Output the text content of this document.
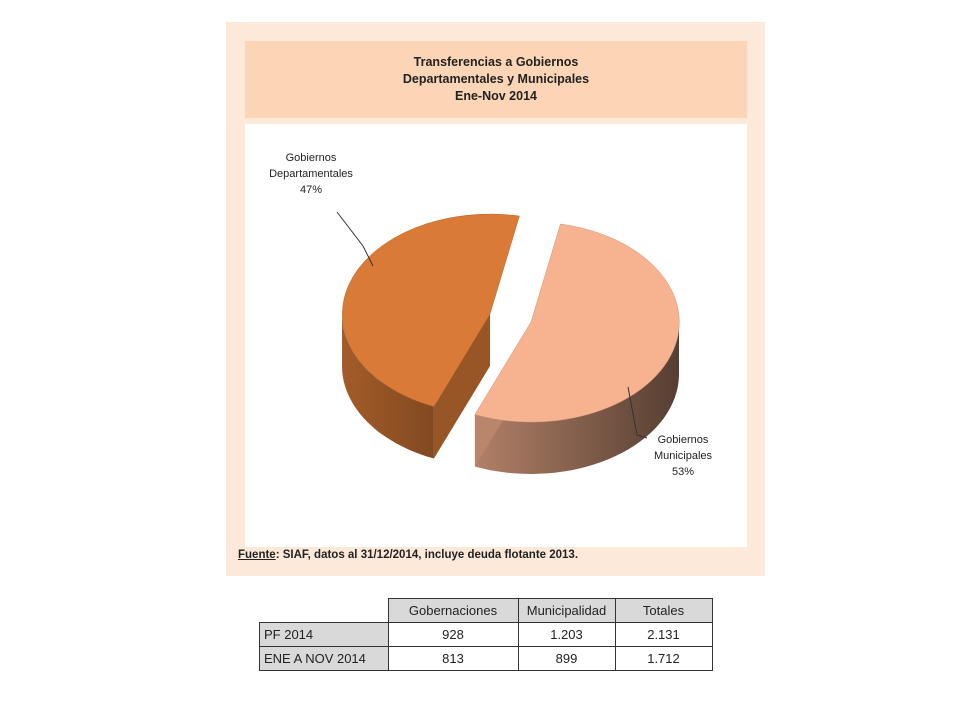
Transferencias a Gobiernos
Departamentales y Municipales
Ene-Nov 2014
Gobiernos
Departamentales
47%
Gobiernos
Municipales
53%
Fuente: SIAF, datos al 31/12/2014, incluye deuda flotante 2013.
	Gobernaciones	Municipalidad	Totales
PF 2014	928	1.203	2.131
ENE A NOV 2014	813	899	1.712
